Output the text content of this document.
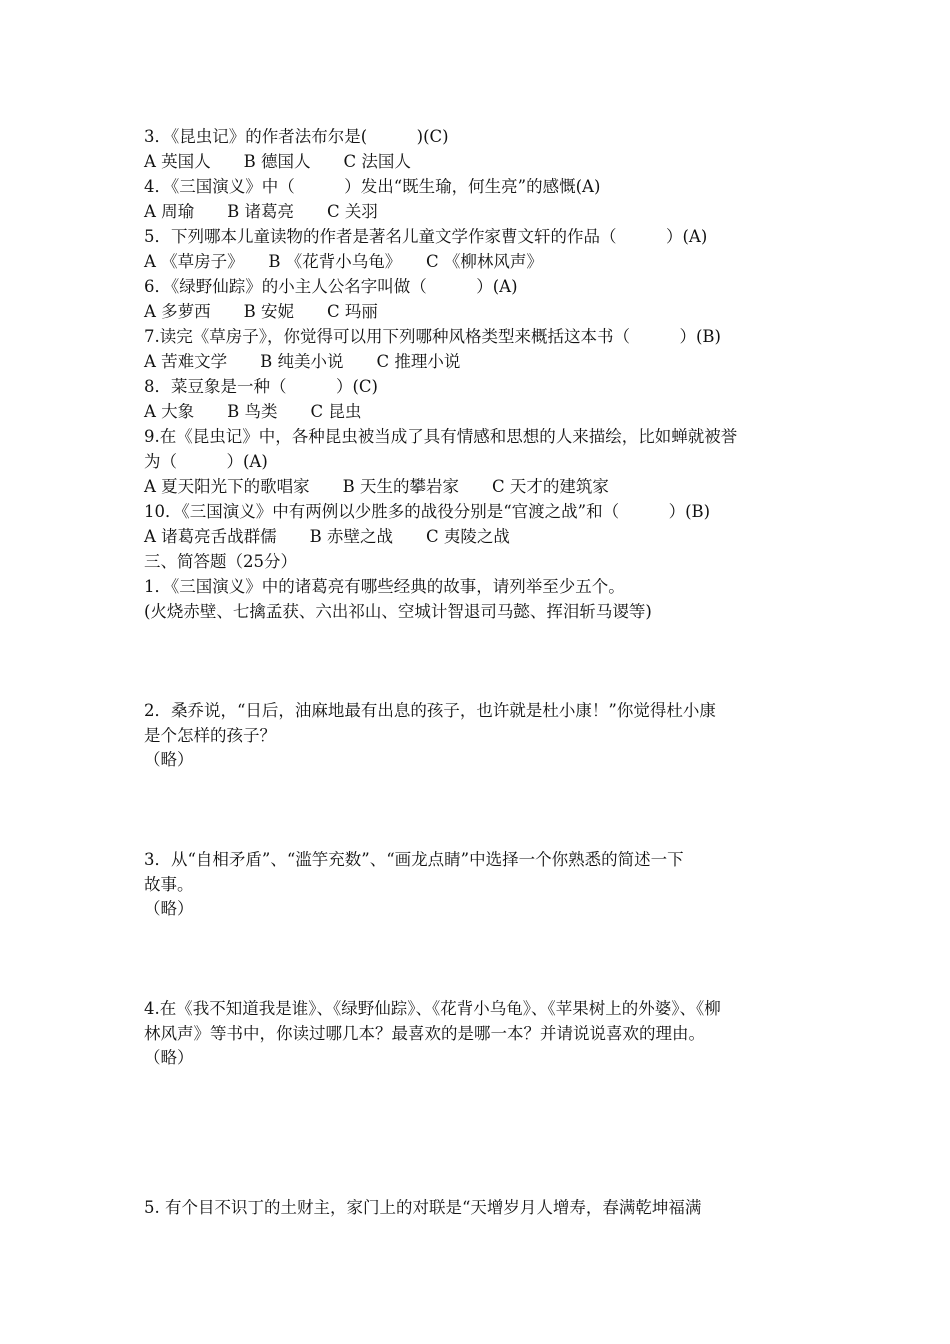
3．《昆虫记》的作者法布尔是(　　　)(C)
A 英国人　　B 德国人　　C 法国人
4．《三国演义》中（　　　）发出“既生瑜，何生亮”的感慨(A)
A 周瑜　　B 诸葛亮　　C 关羽
5．下列哪本儿童读物的作者是著名儿童文学作家曹文轩的作品（　　　）(A)
A 《草房子》　　B 《花背小乌龟》　　C 《柳林风声》
6．《绿野仙踪》的小主人公名字叫做（　　　）(A)
A 多萝西　　B 安妮　　C 玛丽
7.读完《草房子》，你觉得可以用下列哪种风格类型来概括这本书（　　　）(B)
A 苦难文学　　B 纯美小说　　C 推理小说
8．菜豆象是一种（　　　）(C)
A 大象　　B 鸟类　　C 昆虫
9.在《昆虫记》中，各种昆虫被当成了具有情感和思想的人来描绘，比如蝉就被誉
为（　　　）(A)
A 夏天阳光下的歌唱家　　B 天生的攀岩家　　C 天才的建筑家
10．《三国演义》中有两例以少胜多的战役分别是“官渡之战”和（　　　）(B)
A 诸葛亮舌战群儒　　B 赤壁之战　　C 夷陵之战
三、简答题（25分）
1．《三国演义》中的诸葛亮有哪些经典的故事，请列举至少五个。
(火烧赤壁、七擒孟获、六出祁山、空城计智退司马懿、挥泪斩马谡等)
2．桑乔说，“日后，油麻地最有出息的孩子，也许就是杜小康！”你觉得杜小康
是个怎样的孩子？
（略）
3．从“自相矛盾”、“滥竽充数”、“画龙点睛”中选择一个你熟悉的简述一下
故事。
（略）
4.在《我不知道我是谁》、《绿野仙踪》、《花背小乌龟》、《苹果树上的外婆》、《柳
林风声》等书中，你读过哪几本？最喜欢的是哪一本？并请说说喜欢的理由。
（略）
5. 有个目不识丁的土财主，家门上的对联是“天增岁月人增寿，春满乾坤福满
